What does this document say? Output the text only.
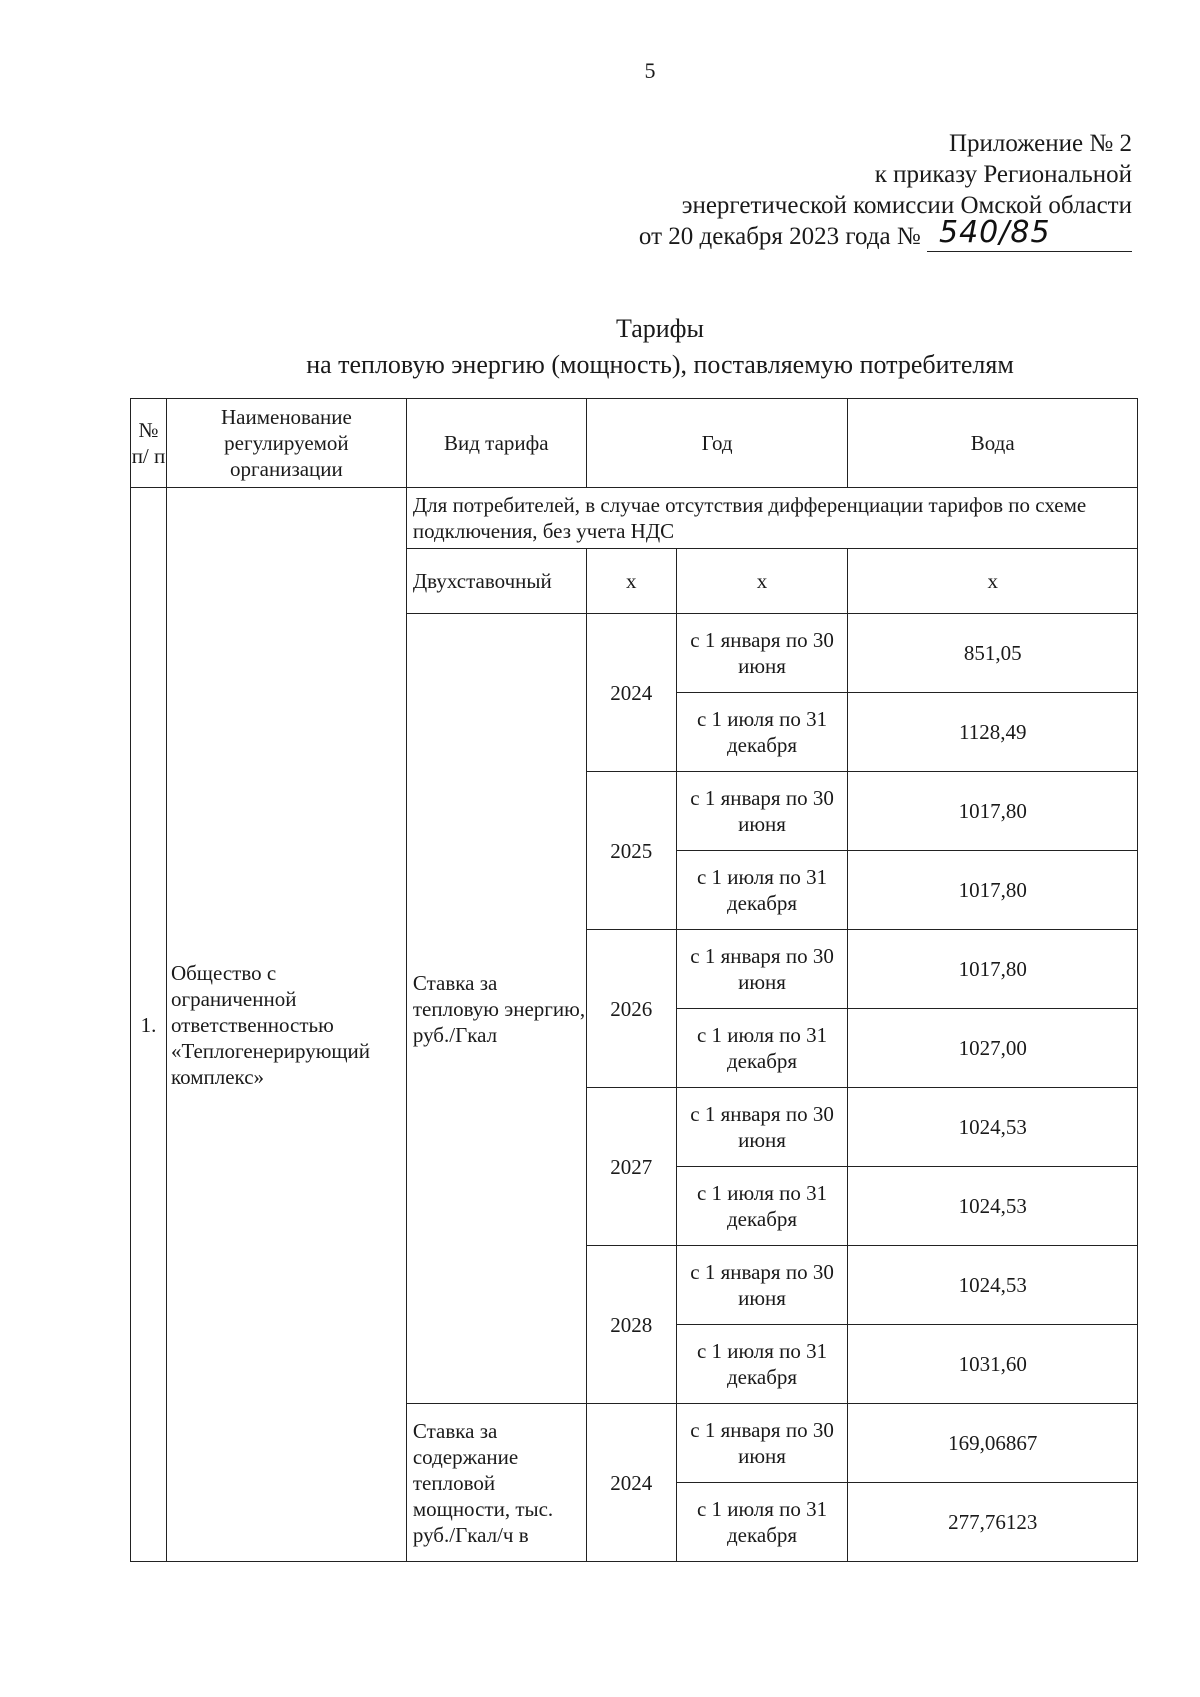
5
Приложение № 2
к приказу Региональной
энергетической комиссии Омской области
от 20 декабря 2023 года № 540/85
Тарифы
на тепловую энергию (мощность), поставляемую потребителям
№ п/ п	Наименование регулируемой организации	Вид тарифа	Год		Вода
1.	Общество с ограниченной ответственностью «Теплогенерирующий комплекс»	Для потребителей, в случае отсутствия дифференциации тарифов по схеме подключения, без учета НДС			
		Двухставочный	х	х	х
		Ставка за тепловую энергию, руб./Гкал	2024	с 1 января по 30 июня	851,05
				с 1 июля по 31 декабря	1128,49
			2025	с 1 января по 30 июня	1017,80
				с 1 июля по 31 декабря	1017,80
			2026	с 1 января по 30 июня	1017,80
				с 1 июля по 31 декабря	1027,00
			2027	с 1 января по 30 июня	1024,53
				с 1 июля по 31 декабря	1024,53
			2028	с 1 января по 30 июня	1024,53
				с 1 июля по 31 декабря	1031,60
		Ставка за содержание тепловой мощности, тыс. руб./Гкал/ч в	2024	с 1 января по 30 июня	169,06867
				с 1 июля по 31 декабря	277,76123
